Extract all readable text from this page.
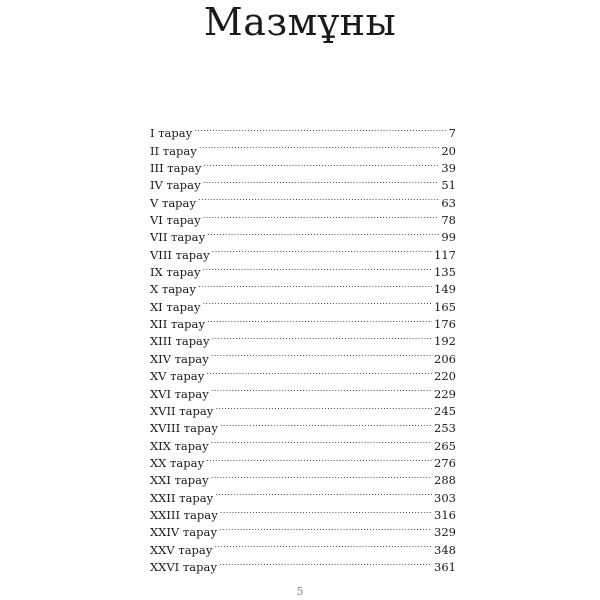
Мазмұны
I тарау .....	7
II тарау .....	20
III тарау .....	39
IV тарау .....	51
V тарау .....	63
VI тарау .....	78
VII тарау .....	99
VIII тарау .....	117
IX тарау .....	135
X тарау .....	149
XI тарау .....	165
XII тарау .....	176
XIII тарау .....	192
XIV тарау .....	206
XV тарау .....	220
XVI тарау .....	229
XVII тарау .....	245
XVIII тарау .....	253
XIX тарау .....	265
XX тарау .....	276
XXI тарау .....	288
XXII тарау .....	303
XXIII тарау .....	316
XXIV тарау .....	329
XXV тарау .....	348
XXVI тарау .....	361

5
